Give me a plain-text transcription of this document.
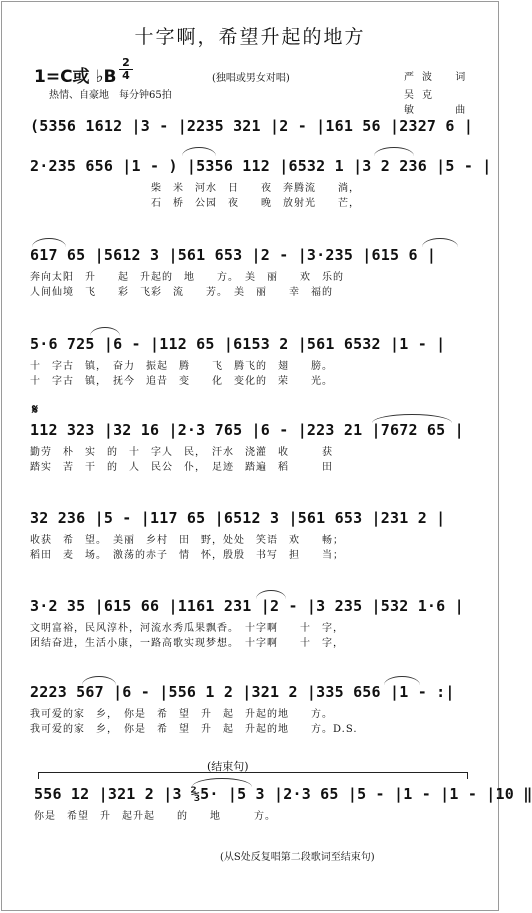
十字啊，希望升起的地方
1=C或 ♭B
2
4	(独唱或男女对唱)
热情、自豪地　每分钟65拍
严波 词
吴克敏	曲
(5356 1612 |3 - |2235 321 |2 - |161 56 |2327 6 |
2·235 656 |1 - ) |5356 112 |6532 1 |3 2 236 |5 - |
　　　　　　　　　　　柴　米　河水　日　　夜　奔腾流　　淌，
　　　　　　　　　　　石　桥　公园　夜　　晚　放射光　　芒，
617 65 |5612 3 |561 653 |2 - |3·235 |615 6 |
奔向太阳　升　　起　升起的　地　　方。　美　丽　　欢　乐的
人间仙境　飞　　彩　飞彩　流　　芳。　美　丽　　幸　福的
5·6 725 |6 - |112 65 |6153 2 |561 6532 |1 - |
十　字古　镇，　奋力　振起　腾　　飞　腾飞的　翅　　膀。
十　字古　镇，　抚今　追昔　变　　化　变化的　荣　　光。
𝄋
112 323 |32 16 |2·3 765 |6 - |223 21 |7672 65 |
勤劳　朴　实　的　十　字人　民，　汗水　浇灌　收　　　获
踏实　苦　干　的　人　民公　仆，　足迹　踏遍　稻　　　田
32 236 |5 - |117 65 |6512 3 |561 653 |231 2 |
收获　希　望。　美丽　乡村　田　野，处处　笑语　欢　　畅；
稻田　麦　场。　激荡的赤子　情　怀，殷殷　书写　担　　当；
3·2 35 |615 66 |1161 231 |2 - |3 235 |532 1·6 |
文明富裕，民风淳朴，河流水秀瓜果飘香。　十字啊　　十　字，
团结奋进，生活小康，一路高歌实现梦想。　十字啊　　十　字，
2223 567 |6 - |556 1 2 |321 2 |335 656 |1 - :|
我可爱的家　乡，　你是　希　望　升　起　升起的地　　方。
我可爱的家　乡，　你是　希　望　升　起　升起的地　　方。D.S.
(结束句)
556 12 |321 2 |3 ⅔5· |5 3 |2·3 65 |5 - |1 - |1 - |10 ‖
你是　希望　升　起升起　　的　　地　　　方。
(从S处反复唱第二段歌词至结束句)
